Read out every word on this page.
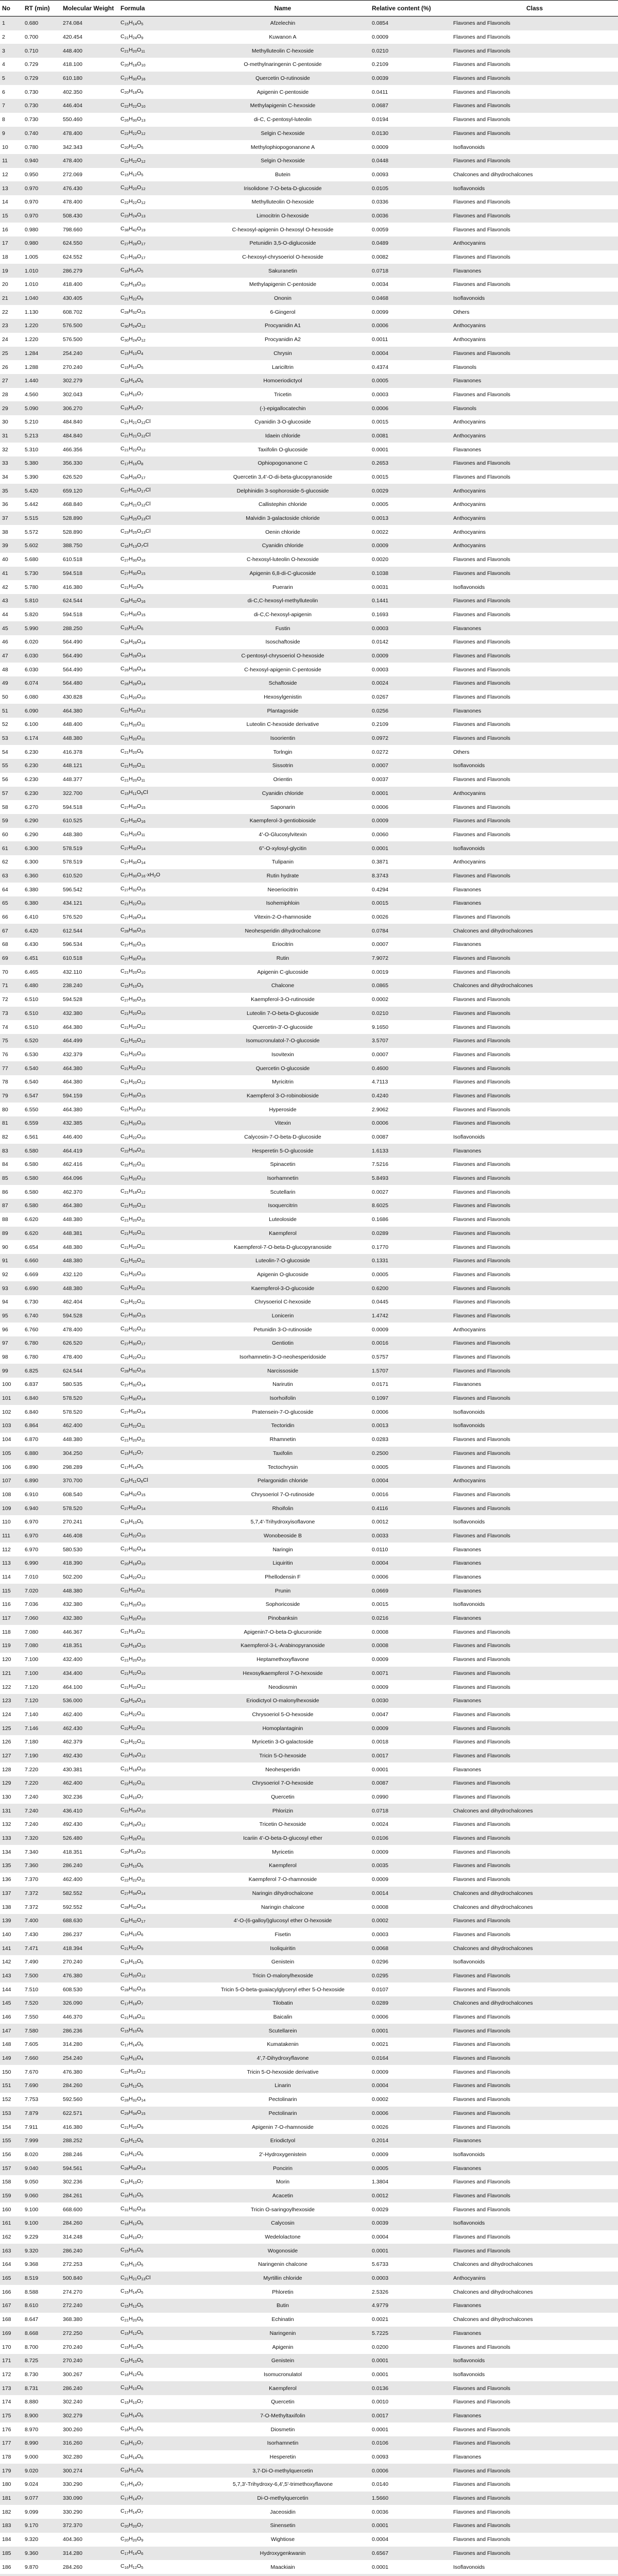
No	RT (min)	Molecular Weight	Formula	Name	Relative content (%)	Class
1	0.680	274.084	$C_{15}H_{14}O_5$	Afzelechin	0.0854	Flavones and Flavonols
2	0.700	420.454	$C_{21}H_{24}O_9$	Kuwanon A	0.0009	Flavones and Flavonols
3	0.710	448.400	$C_{21}H_{20}O_{11}$	Methylluteolin C-hexoside	0.0210	Flavones and Flavonols
4	0.729	418.100	$C_{20}H_{18}O_{10}$	O-methylnaringenin C-pentoside	0.2109	Flavones and Flavonols
5	0.729	610.180	$C_{27}H_{30}O_{16}$	Quercetin O-rutinoside	0.0039	Flavones and Flavonols
6	0.730	402.350	$C_{20}H_{18}O_9$	Apigenin C-pentoside	0.0411	Flavones and Flavonols
7	0.730	446.404	$C_{22}H_{22}O_{10}$	Methylapigenin C-hexoside	0.0687	Flavones and Flavonols
8	0.730	550.460	$C_{26}H_{30}O_{13}$	di-C, C-pentosyl-luteolin	0.0194	Flavones and Flavonols
9	0.740	478.400	$C_{22}H_{22}O_{12}$	Selgin C-hexoside	0.0130	Flavones and Flavonols
10	0.780	342.343	$C_{20}H_{22}O_5$	Methylophiopogonanone A	0.0009	Isoflavonoids
11	0.940	478.400	$C_{22}H_{22}O_{12}$	Selgin O-hexoside	0.0448	Flavones and Flavonols
12	0.950	272.069	$C_{15}H_{12}O_5$	Butein	0.0093	Chalcones and dihydrochalcones
13	0.970	476.430	$C_{22}H_{20}O_{12}$	Irisolidone 7-O-beta-D-glucoside	0.0105	Isoflavonoids
14	0.970	478.400	$C_{22}H_{22}O_{12}$	Methylluteolin O-hexoside	0.0336	Flavones and Flavonols
15	0.970	508.430	$C_{23}H_{24}O_{13}$	Limocitrin O-hexoside	0.0036	Flavones and Flavonols
16	0.980	798.660	$C_{38}H_{42}O_{19}$	C-hexosyl-apigenin O-hexosyl O-hexoside	0.0059	Flavones and Flavonols
17	0.980	624.550	$C_{27}H_{28}O_{17}$	Petunidin 3,5-O-diglucoside	0.0489	Anthocyanins
18	1.005	624.552	$C_{27}H_{28}O_{17}$	C-hexosyl-chrysoeriol O-hexoside	0.0082	Flavones and Flavonols
19	1.010	286.279	$C_{16}H_{14}O_5$	Sakuranetin	0.0718	Flavanones
20	1.010	418.400	$C_{20}H_{18}O_{10}$	Methylapigenin C-pentoside	0.0034	Flavones and Flavonols
21	1.040	430.405	$C_{21}H_{22}O_9$	Ononin	0.0468	Isoflavonoids
22	1.130	608.702	$C_{28}H_{32}O_{15}$	6-Gingerol	0.0099	Others
23	1.220	576.500	$C_{30}H_{24}O_{12}$	Procyanidin A1	0.0006	Anthocyanins
24	1.220	576.500	$C_{30}H_{24}O_{12}$	Procyanidin A2	0.0011	Anthocyanins
25	1.284	254.240	$C_{15}H_{10}O_4$	Chrysin	0.0004	Flavones and Flavonols
26	1.288	270.240	$C_{15}H_{10}O_5$	Lariciltrin	0.4374	Flavonols
27	1.440	302.279	$C_{16}H_{14}O_6$	Homoeriodictyol	0.0005	Flavanones
28	4.560	302.043	$C_{15}H_{10}O_7$	Tricetin	0.0003	Flavones and Flavonols
29	5.090	306.270	$C_{15}H_{14}O_7$	(-)-epigallocatechin	0.0006	Flavonols
30	5.210	484.840	$C_{21}H_{21}O_{12}Cl$	Cyanidin 3-O-glucoside	0.0015	Anthocyanins
31	5.213	484.840	$C_{21}H_{21}O_{12}Cl$	Idaein chloride	0.0081	Anthocyanins
32	5.310	466.356	$C_{21}H_{22}O_{12}$	Taxifolin O-glucoside	0.0001	Flavanones
33	5.380	356.330	$C_{17}H_{16}O_8$	Ophiopogonanone C	0.2653	Flavones and Flavonols
34	5.390	626.520	$C_{26}H_{26}O_{17}$	Quercetin 3,4'-O-di-beta-glucopyranoside	0.0015	Flavones and Flavonols
35	5.420	659.120	$C_{27}H_{31}O_{17}Cl$	Delphinidin 3-sophoroside-5-glucoside	0.0029	Anthocyanins
36	5.442	468.840	$C_{20}H_{21}O_{12}Cl$	Callistephin chloride	0.0005	Anthocyanins
37	5.515	528.890	$C_{23}H_{25}O_{13}Cl$	Malvidin 3-galactoside chloride	0.0013	Anthocyanins
38	5.572	528.890	$C_{23}H_{25}O_{13}Cl$	Oenin chloride	0.0022	Anthocyanins
39	5.602	388.750	$C_{16}H_{13}O_7Cl$	Cyanidin chloride	0.0009	Anthocyanins
40	5.680	610.518	$C_{27}H_{30}O_{16}$	C-hexosyl-luteolin O-hexoside	0.0020	Flavones and Flavonols
41	5.730	594.518	$C_{27}H_{30}O_{15}$	Apigenin 6,8-di-C-glucoside	0.1038	Flavones and Flavonols
42	5.780	416.380	$C_{21}H_{20}O_9$	Puerarin	0.0031	Isoflavonoids
43	5.810	624.544	$C_{28}H_{32}O_{16}$	di-C,C-hexosyl-methylluteolin	0.1441	Flavones and Flavonols
44	5.820	594.518	$C_{27}H_{30}O_{15}$	di-C,C-hexosyl-apigenin	0.1693	Flavones and Flavonols
45	5.990	288.250	$C_{15}H_{12}O_6$	Fustin	0.0003	Flavanones
46	6.020	564.490	$C_{26}H_{28}O_{14}$	Isoschaftoside	0.0142	Flavones and Flavonols
47	6.030	564.490	$C_{26}H_{28}O_{14}$	C-pentosyl-chrysoeriol O-hexoside	0.0009	Flavones and Flavonols
48	6.030	564.490	$C_{26}H_{28}O_{14}$	C-hexosyl-apigenin C-pentoside	0.0003	Flavones and Flavonols
49	6.074	564.480	$C_{26}H_{28}O_{14}$	Schaftoside	0.0024	Flavones and Flavonols
50	6.080	430.828	$C_{21}H_{20}O_{10}$	Hexosylgenistin	0.0267	Flavones and Flavonols
51	6.090	464.380	$C_{21}H_{20}O_{12}$	Plantagoside	0.0256	Flavanones
52	6.100	448.400	$C_{21}H_{20}O_{11}$	Luteolin C-hexoside derivative	0.2109	Flavones and Flavonols
53	6.174	448.380	$C_{21}H_{20}O_{11}$	Isoorientin	0.0972	Flavones and Flavonols
54	6.230	416.378	$C_{21}H_{20}O_9$	Torlngin	0.0272	Others
55	6.230	448.121	$C_{21}H_{20}O_{11}$	Sissotrin	0.0007	Isoflavonoids
56	6.230	448.377	$C_{21}H_{20}O_{11}$	Orientin	0.0037	Flavones and Flavonols
57	6.230	322.700	$C_{15}H_{11}O_5Cl$	Cyanidin chloride	0.0001	Anthocyanins
58	6.270	594.518	$C_{27}H_{30}O_{15}$	Saponarin	0.0006	Flavones and Flavonols
59	6.290	610.525	$C_{27}H_{30}O_{16}$	Kaempferol-3-gentiobioside	0.0009	Flavones and Flavonols
60	6.290	448.380	$C_{21}H_{20}O_{11}$	4'-O-Glucosylvitexin	0.0060	Flavones and Flavonols
61	6.300	578.519	$C_{27}H_{30}O_{14}$	6''-O-xylosyl-glycitin	0.0001	Isoflavonoids
62	6.300	578.519	$C_{27}H_{30}O_{14}$	Tulipanin	0.3871	Anthocyanins
63	6.360	610.520	$C_{27}H_{30}O_{16}\cdot xH_2O$	Rutin hydrate	8.3743	Flavones and Flavonols
64	6.380	596.542	$C_{27}H_{32}O_{15}$	Neoeriocitrin	0.4294	Flavanones
65	6.380	434.121	$C_{21}H_{22}O_{10}$	Isohemiphloin	0.0015	Flavanones
66	6.410	576.520	$C_{27}H_{28}O_{14}$	Vitexin-2-O-rhamnoside	0.0026	Flavones and Flavonols
67	6.420	612.544	$C_{28}H_{36}O_{15}$	Neohesperidin dihydrochalcone	0.0784	Chalcones and dihydrochalcones
68	6.430	596.534	$C_{27}H_{32}O_{15}$	Eriocitrin	0.0007	Flavanones
69	6.451	610.518	$C_{27}H_{30}O_{16}$	Rutin	7.9072	Flavones and Flavonols
70	6.465	432.110	$C_{21}H_{20}O_{10}$	Apigenin C-glucoside	0.0019	Flavones and Flavonols
71	6.480	238.240	$C_{15}H_{10}O_3$	Chalcone	0.0865	Chalcones and dihydrochalcones
72	6.510	594.528	$C_{27}H_{30}O_{15}$	Kaempferol-3-O-rutinoside	0.0002	Flavones and Flavonols
73	6.510	432.380	$C_{21}H_{20}O_{10}$	Luteolin 7-O-beta-D-glucoside	0.0210	Flavones and Flavonols
74	6.510	464.380	$C_{21}H_{20}O_{12}$	Quercetin-3'-O-glucoside	9.1650	Flavones and Flavonols
75	6.520	464.499	$C_{21}H_{20}O_{12}$	Isomucronulatol-7-O-glucoside	3.5707	Flavones and Flavonols
76	6.530	432.379	$C_{21}H_{20}O_{10}$	Isovitexin	0.0007	Flavones and Flavonols
77	6.540	464.380	$C_{21}H_{20}O_{12}$	Quercetin O-glucoside	0.4600	Flavones and Flavonols
78	6.540	464.380	$C_{21}H_{20}O_{12}$	Myricitrin	4.7113	Flavones and Flavonols
79	6.547	594.159	$C_{27}H_{30}O_{15}$	Kaempferol 3-O-robinobioside	0.4240	Flavones and Flavonols
80	6.550	464.380	$C_{21}H_{20}O_{12}$	Hyperoside	2.9062	Flavones and Flavonols
81	6.559	432.385	$C_{21}H_{20}O_{10}$	Vitexin	0.0006	Flavones and Flavonols
82	6.561	446.400	$C_{22}H_{22}O_{10}$	Calycosin-7-O-beta-D-glucoside	0.0087	Isoflavonoids
83	6.580	464.419	$C_{22}H_{24}O_{11}$	Hesperetin 5-O-glucoside	1.6133	Flavanones
84	6.580	462.416	$C_{22}H_{22}O_{11}$	Spinacetin	7.5216	Flavones and Flavonols
85	6.580	464.096	$C_{21}H_{20}O_{12}$	Isorhamnetin	5.8493	Flavones and Flavonols
86	6.580	462.370	$C_{21}H_{18}O_{12}$	Scutellarin	0.0027	Flavones and Flavonols
87	6.580	464.380	$C_{21}H_{20}O_{12}$	Isoquercitrin	8.6025	Flavones and Flavonols
88	6.620	448.380	$C_{21}H_{20}O_{11}$	Luteoloside	0.1686	Flavones and Flavonols
89	6.620	448.381	$C_{21}H_{20}O_{11}$	Kaempferol	0.0289	Flavones and Flavonols
90	6.654	448.380	$C_{21}H_{20}O_{11}$	Kaempferol-7-O-beta-D-glucopyranoside	0.1770	Flavones and Flavonols
91	6.660	448.380	$C_{21}H_{20}O_{11}$	Luteolin-7-O-glucoside	0.1331	Flavones and Flavonols
92	6.669	432.120	$C_{21}H_{20}O_{10}$	Apigenin O-glucoside	0.0005	Flavones and Flavonols
93	6.690	448.380	$C_{21}H_{20}O_{11}$	Kaempferol-3-O-glucoside	0.6200	Flavones and Flavonols
94	6.730	462.404	$C_{22}H_{22}O_{11}$	Chrysoeriol C-hexoside	0.0445	Flavones and Flavonols
95	6.740	594.528	$C_{27}H_{30}O_{15}$	Lonicerin	1.4742	Flavones and Flavonols
96	6.760	478.400	$C_{22}H_{22}O_{12}$	Petunidin 3-O-rutinoside	0.0009	Anthocyanins
97	6.780	626.520	$C_{27}H_{30}O_{17}$	Gentiotin	0.0016	Flavones and Flavonols
98	6.780	478.400	$C_{22}H_{22}O_{12}$	Isorhamnetin-3-O-neohesperidoside	0.5757	Flavones and Flavonols
99	6.825	624.544	$C_{28}H_{32}O_{16}$	Narcissoside	1.5707	Flavones and Flavonols
100	6.837	580.535	$C_{27}H_{32}O_{14}$	Narirutin	0.0171	Flavanones
101	6.840	578.520	$C_{27}H_{30}O_{14}$	Isorhoifolin	0.1097	Flavones and Flavonols
102	6.840	578.520	$C_{27}H_{30}O_{14}$	Pratensein-7-O-glucoside	0.0006	Isoflavonoids
103	6.864	462.400	$C_{22}H_{22}O_{11}$	Tectoridin	0.0013	Isoflavonoids
104	6.870	448.380	$C_{21}H_{20}O_{11}$	Rhamnetin	0.0283	Flavones and Flavonols
105	6.880	304.250	$C_{15}H_{12}O_7$	Taxifolin	0.2500	Flavones and Flavonols
106	6.890	298.289	$C_{17}H_{14}O_5$	Tectochrysin	0.0005	Flavones and Flavonols
107	6.890	370.700	$C_{15}H_{11}O_6Cl$	Pelargonidin chloride	0.0004	Anthocyanins
108	6.910	608.540	$C_{28}H_{32}O_{15}$	Chrysoeriol 7-O-rutinoside	0.0016	Flavones and Flavonols
109	6.940	578.520	$C_{27}H_{30}O_{14}$	Rhoifolin	0.4116	Flavones and Flavonols
110	6.970	270.241	$C_{15}H_{10}O_5$	5,7,4'-Trihydroxyisoflavone	0.0012	Isoflavonoids
111	6.970	446.408	$C_{22}H_{22}O_{10}$	Wonobeoside B	0.0033	Flavones and Flavonols
112	6.970	580.530	$C_{27}H_{32}O_{14}$	Naringin	0.0110	Flavanones
113	6.990	418.390	$C_{20}H_{18}O_{10}$	Liquiritin	0.0004	Flavanones
114	7.010	502.200	$C_{24}H_{22}O_{12}$	Phellodensin F	0.0006	Flavanones
115	7.020	448.380	$C_{21}H_{20}O_{11}$	Prunin	0.0669	Flavanones
116	7.036	432.380	$C_{21}H_{20}O_{10}$	Sophoricoside	0.0015	Isoflavonoids
117	7.060	432.380	$C_{21}H_{20}O_{10}$	Pinobanksin	0.0216	Flavanones
118	7.080	446.367	$C_{21}H_{18}O_{11}$	Apigenin7-O-beta-D-glucuronide	0.0008	Flavones and Flavonols
119	7.080	418.351	$C_{20}H_{18}O_{10}$	Kaempferol-3-L-Arabinopyranoside	0.0008	Flavones and Flavonols
120	7.100	432.400	$C_{21}H_{20}O_{10}$	Heptamethoxyflavone	0.0009	Flavones and Flavonols
121	7.100	434.400	$C_{21}H_{22}O_{10}$	Hexosylkaempferol 7-O-hexoside	0.0071	Flavones and Flavonols
122	7.120	464.100	$C_{21}H_{20}O_{12}$	Neodiosmin	0.0009	Flavones and Flavonols
123	7.120	536.000	$C_{26}H_{24}O_{13}$	Eriodictyol O-malonylhexoside	0.0030	Flavanones
124	7.140	462.400	$C_{22}H_{22}O_{11}$	Chrysoeriol 5-O-hexoside	0.0047	Flavones and Flavonols
125	7.146	462.430	$C_{22}H_{22}O_{11}$	Homoplantaginin	0.0009	Flavones and Flavonols
126	7.180	462.379	$C_{22}H_{22}O_{11}$	Myricetin 3-O-galactoside	0.0018	Flavones and Flavonols
127	7.190	492.430	$C_{23}H_{24}O_{12}$	Tricin 5-O-hexoside	0.0017	Flavones and Flavonols
128	7.220	430.381	$C_{21}H_{18}O_{10}$	Neohesperidin	0.0001	Flavanones
129	7.220	462.400	$C_{22}H_{22}O_{11}$	Chrysoeriol 7-O-hexoside	0.0087	Flavones and Flavonols
130	7.240	302.236	$C_{15}H_{10}O_7$	Quercetin	0.0990	Flavones and Flavonols
131	7.240	436.410	$C_{21}H_{24}O_{10}$	Phlorizin	0.0718	Chalcones and dihydrochalcones
132	7.240	492.430	$C_{23}H_{24}O_{12}$	Tricetin O-hexoside	0.0024	Flavones and Flavonols
133	7.320	526.480	$C_{27}H_{26}O_{11}$	Icariin 4'-O-beta-D-glucosyl ether	0.0106	Flavones and Flavonols
134	7.340	418.351	$C_{20}H_{18}O_{10}$	Myricetin	0.0009	Flavones and Flavonols
135	7.360	286.240	$C_{15}H_{10}O_6$	Kaempferol	0.0035	Flavones and Flavonols
136	7.370	462.400	$C_{22}H_{22}O_{11}$	Kaempferol 7-O-rhamnoside	0.0009	Flavones and Flavonols
137	7.372	582.552	$C_{27}H_{34}O_{14}$	Naringin dihydrochalcone	0.0014	Chalcones and dihydrochalcones
138	7.372	592.552	$C_{28}H_{32}O_{14}$	Naringin chalcone	0.0008	Chalcones and dihydrochalcones
139	7.400	688.630	$C_{32}H_{32}O_{17}$	4'-O-(6-galloyl)glucosyl ether O-hexoside	0.0002	Flavones and Flavonols
140	7.430	286.237	$C_{15}H_{10}O_6$	Fisetin	0.0003	Flavones and Flavonols
141	7.471	418.394	$C_{21}H_{22}O_9$	Isoliquiritin	0.0068	Chalcones and dihydrochalcones
142	7.490	270.240	$C_{15}H_{10}O_5$	Genistein	0.0296	Isoflavonoids
143	7.500	476.380	$C_{22}H_{20}O_{12}$	Tricin O-malonylhexoside	0.0295	Flavones and Flavonols
144	7.510	608.530	$C_{28}H_{32}O_{15}$	Tricin 5-O-beta-guaiacylglyceryl ether 5-O-hexoside	0.0107	Flavones and Flavonols
145	7.520	326.090	$C_{17}H_{18}O_7$	Tilobatin	0.0289	Chalcones and dihydrochalcones
146	7.550	446.370	$C_{21}H_{18}O_{11}$	Baicalin	0.0006	Flavones and Flavonols
147	7.580	286.236	$C_{15}H_{10}O_6$	Scutellarein	0.0001	Flavones and Flavonols
148	7.605	314.280	$C_{17}H_{14}O_6$	Kumatakenin	0.0021	Flavones and Flavonols
149	7.660	254.240	$C_{15}H_{10}O_4$	4',7-Dihydroxyflavone	0.0164	Flavones and Flavonols
150	7.670	476.380	$C_{22}H_{20}O_{12}$	Tricin 5-O-hexoside derivative	0.0009	Flavones and Flavonols
151	7.690	284.260	$C_{16}H_{12}O_5$	Linarin	0.0004	Flavones and Flavonols
152	7.753	592.560	$C_{28}H_{32}O_{14}$	Pectolinarin	0.0002	Flavones and Flavonols
153	7.879	622.571	$C_{29}H_{34}O_{15}$	Pectolinarin	0.0006	Flavones and Flavonols
154	7.911	416.380	$C_{21}H_{20}O_9$	Apigenin 7-O-rhamnoside	0.0026	Flavones and Flavonols
155	7.999	288.252	$C_{15}H_{12}O_6$	Eriodictyol	0.2014	Flavanones
156	8.020	288.246	$C_{15}H_{12}O_6$	2'-Hydroxygenistein	0.0009	Isoflavonoids
157	9.040	594.561	$C_{28}H_{34}O_{14}$	Poncirin	0.0005	Flavanones
158	9.050	302.236	$C_{15}H_{10}O_7$	Morin	1.3804	Flavones and Flavonols
159	9.060	284.261	$C_{16}H_{12}O_5$	Acacetin	0.0012	Flavones and Flavonols
160	9.100	668.600	$C_{31}H_{32}O_{16}$	Tricin O-saringoylhexoside	0.0029	Flavones and Flavonols
161	9.100	284.260	$C_{16}H_{12}O_5$	Calycosin	0.0039	Isoflavonoids
162	9.229	314.248	$C_{16}H_{10}O_7$	Wedelolactone	0.0004	Flavones and Flavonols
163	9.320	286.240	$C_{15}H_{10}O_6$	Wogonoside	0.0001	Flavones and Flavonols
164	9.368	272.253	$C_{15}H_{12}O_5$	Naringenin chalcone	5.6733	Chalcones and dihydrochalcones
165	8.519	500.840	$C_{21}H_{21}O_{13}Cl$	Myrtillin chloride	0.0003	Anthocyanins
166	8.588	274.270	$C_{15}H_{14}O_5$	Phloretin	2.5326	Chalcones and dihydrochalcones
167	8.610	272.240	$C_{15}H_{12}O_5$	Butin	4.9779	Flavanones
168	8.647	368.380	$C_{21}H_{20}O_6$	Echinatin	0.0021	Chalcones and dihydrochalcones
169	8.668	272.250	$C_{15}H_{12}O_5$	Naringenin	5.7225	Flavanones
170	8.700	270.240	$C_{15}H_{10}O_5$	Apigenin	0.0200	Flavones and Flavonols
171	8.725	270.240	$C_{15}H_{10}O_5$	Genistein	0.0001	Isoflavonoids
172	8.730	300.267	$C_{16}H_{12}O_6$	Isomucronulatol	0.0001	Isoflavonoids
173	8.731	286.240	$C_{15}H_{10}O_6$	Kaempferol	0.0136	Flavones and Flavonols
174	8.880	302.240	$C_{15}H_{10}O_7$	Quercetin	0.0010	Flavones and Flavonols
175	8.900	302.279	$C_{16}H_{14}O_6$	7-O-Methyltaxifolin	0.0017	Flavanones
176	8.970	300.260	$C_{16}H_{12}O_6$	Diosmetin	0.0001	Flavones and Flavonols
177	8.990	316.260	$C_{16}H_{12}O_7$	Isorhamnetin	0.0106	Flavones and Flavonols
178	9.000	302.280	$C_{16}H_{14}O_6$	Hesperetin	0.0093	Flavanones
179	9.020	300.274	$C_{16}H_{12}O_6$	3,7-Di-O-methylquercetin	0.0006	Flavones and Flavonols
180	9.024	330.290	$C_{17}H_{14}O_7$	5,7,3'-Trihydroxy-6,4',5'-trimethoxyflavone	0.0140	Flavones and Flavonols
181	9.077	330.090	$C_{17}H_{14}O_7$	Di-O-methylquercetin	1.5660	Flavones and Flavonols
182	9.099	330.290	$C_{17}H_{14}O_7$	Jaceosidin	0.0036	Flavones and Flavonols
183	9.170	372.370	$C_{20}H_{20}O_7$	Sinensetin	0.0001	Flavones and Flavonols
184	9.320	404.360	$C_{20}H_{20}O_9$	Wightiose	0.0004	Flavones and Flavonols
185	9.360	314.280	$C_{17}H_{14}O_6$	Hydroxygenkwanin	0.6567	Flavones and Flavonols
186	9.870	284.260	$C_{16}H_{12}O_5$	Maackiain	0.0001	Isoflavonoids
